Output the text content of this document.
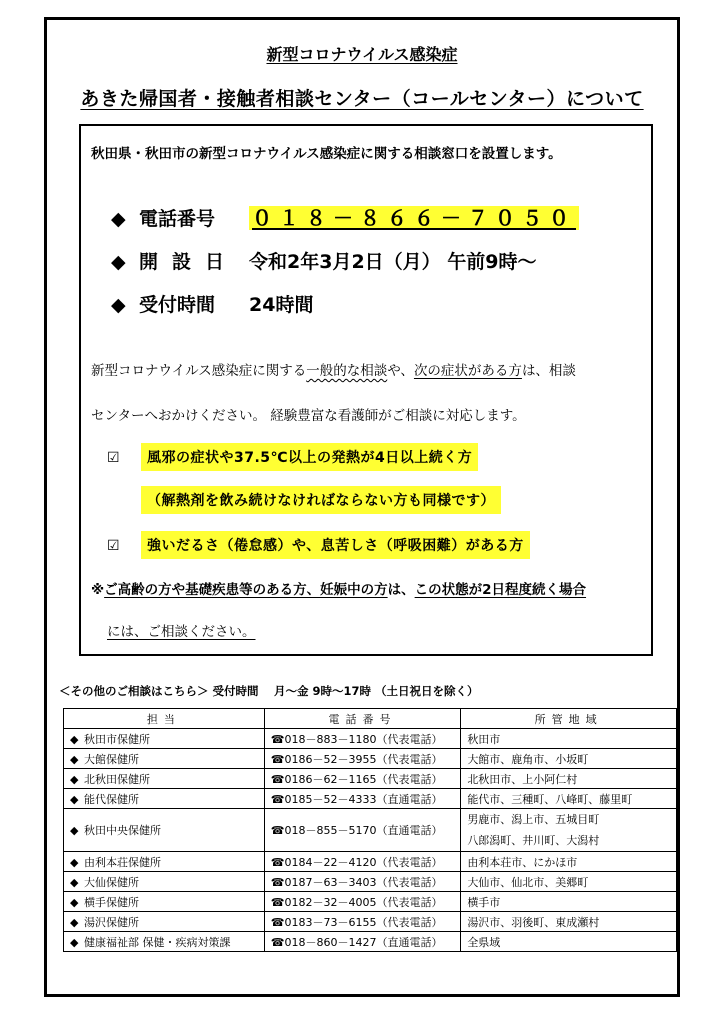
新型コロナウイルス感染症
あきた帰国者・接触者相談センター（コールセンター）について
秋田県・秋田市の新型コロナウイルス感染症に関する相談窓口を設置します。
◆ 電話番号 ０１８－８６６－７０５０
◆ 開設日 令和2年3月2日（月） 午前9時～
◆ 受付時間 24時間
新型コロナウイルス感染症に関する一般的な相談や、次の症状がある方は、相談
センターへおかけください。 経験豊富な看護師がご相談に対応します。
☑	風邪の症状や37.5℃以上の発熱が4日以上続く方
（解熱剤を飲み続けなければならない方も同様です）
☑	強いだるさ（倦怠感）や、息苦しさ（呼吸困難）がある方
※ご高齢の方や基礎疾患等のある方、妊娠中の方は、この状態が2日程度続く場合
には、ご相談ください。
＜その他のご相談はこちら＞ 受付時間　 月～金 9時～17時 （土日祝日を除く）
担当	電話番号	所管地域
◆ 秋田市保健所	☎018－883－1180（代表電話）	秋田市
◆ 大館保健所	☎0186－52－3955（代表電話）	大館市、鹿角市、小坂町
◆ 北秋田保健所	☎0186－62－1165（代表電話）	北秋田市、上小阿仁村
◆ 能代保健所	☎0185－52－4333（直通電話）	能代市、三種町、八峰町、藤里町
◆ 秋田中央保健所	☎018－855－5170（直通電話）	男鹿市、潟上市、五城目町
八郎潟町、井川町、大潟村

◆ 由利本荘保健所	☎0184－22－4120（代表電話）	由利本荘市、にかほ市
◆ 大仙保健所	☎0187－63－3403（代表電話）	大仙市、仙北市、美郷町
◆ 横手保健所	☎0182－32－4005（代表電話）	横手市
◆ 湯沢保健所	☎0183－73－6155（代表電話）	湯沢市、羽後町、東成瀬村
◆ 健康福祉部 保健・疾病対策課	☎018－860－1427（直通電話）	全県域
